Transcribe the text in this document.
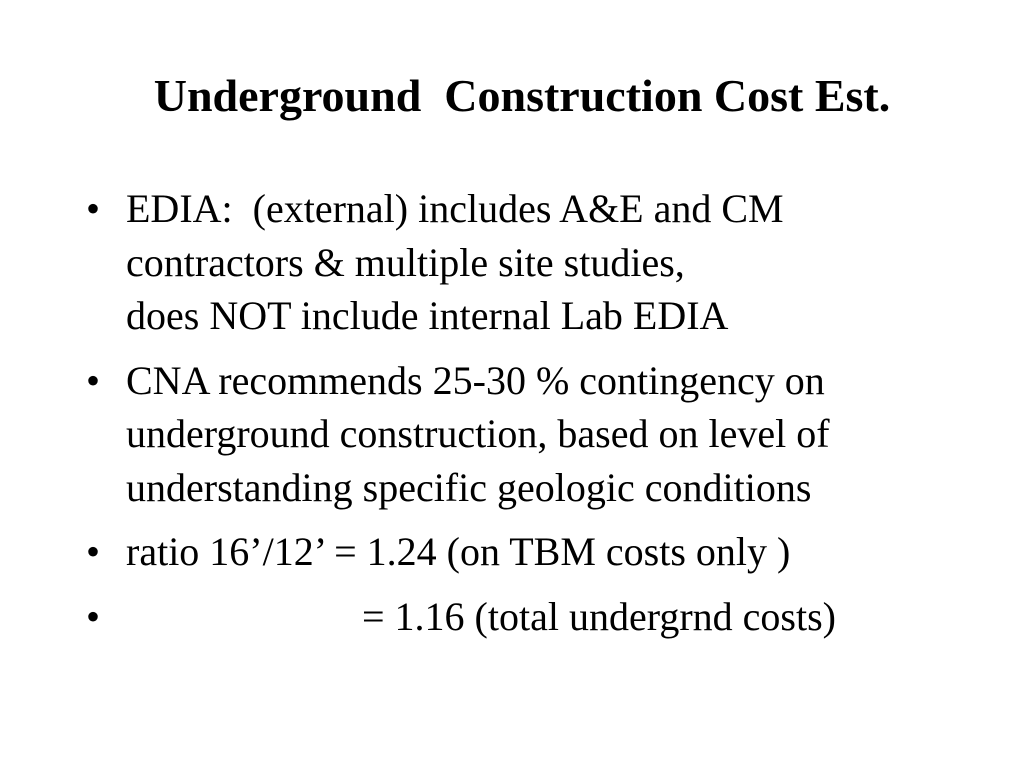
Underground  Construction Cost Est.
• EDIA:  (external) includes A&E and CM
contractors & multiple site studies,
does NOT include internal Lab EDIA
• CNA recommends 25-30 % contingency on
underground construction, based on level of
understanding specific geologic conditions
• ratio 16’/12’ = 1.24 (on TBM costs only )
•	= 1.16 (total undergrnd costs)
